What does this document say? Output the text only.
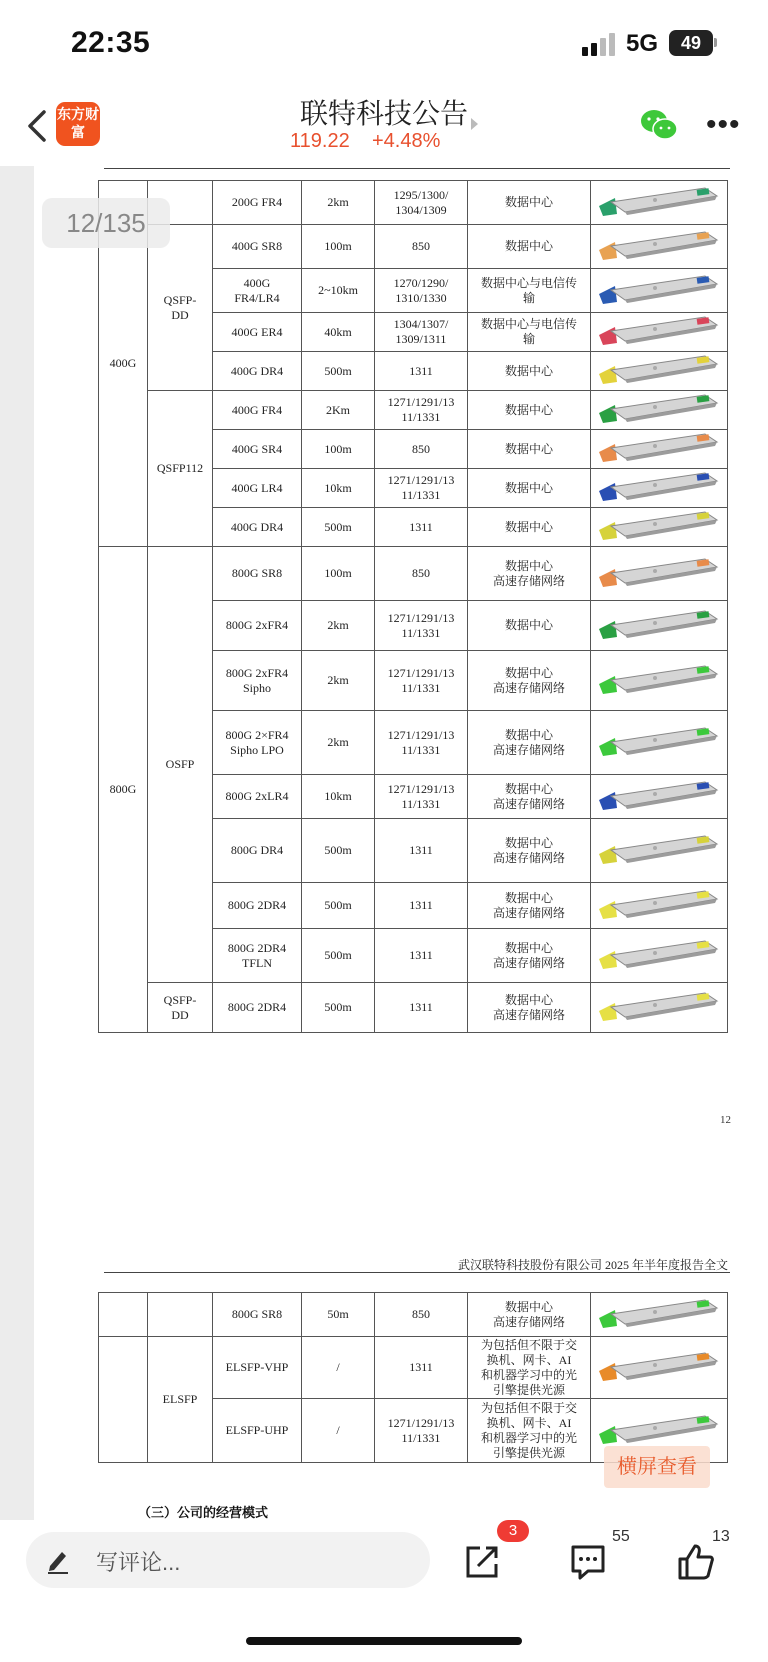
22:35	5G	49
东方财富
联特科技公告
119.22 +4.48%	•••
400G		200G FR4	2km	1295/1300/
1304/1309	数据中心	
	QSFP-
DD	400G SR8	100m	850	数据中心	
		400G
FR4/LR4	2~10km	1270/1290/
1310/1330	数据中心与电信传
输	
		400G ER4	40km	1304/1307/
1309/1311	数据中心与电信传
输	
		400G DR4	500m	1311	数据中心	
	QSFP112	400G FR4	2Km	1271/1291/13
11/1331	数据中心	
		400G SR4	100m	850	数据中心	
		400G LR4	10km	1271/1291/13
11/1331	数据中心	
		400G DR4	500m	1311	数据中心	
800G	OSFP	800G SR8	100m	850	数据中心
高速存储网络	
		800G 2xFR4	2km	1271/1291/13
11/1331	数据中心	
		800G 2xFR4
Sipho	2km	1271/1291/13
11/1331	数据中心
高速存储网络	
		800G 2×FR4
Sipho LPO	2km	1271/1291/13
11/1331	数据中心
高速存储网络	
		800G 2xLR4	10km	1271/1291/13
11/1331	数据中心
高速存储网络	
		800G DR4	500m	1311	数据中心
高速存储网络	
		800G 2DR4	500m	1311	数据中心
高速存储网络	
		800G 2DR4
TFLN	500m	1311	数据中心
高速存储网络	
	QSFP-
DD	800G 2DR4	500m	1311	数据中心
高速存储网络	
12
武汉联特科技股份有限公司 2025 年半年度报告全文
		800G SR8	50m	850	数据中心
高速存储网络	
	ELSFP	ELSFP-VHP	/	1311	为包括但不限于交
换机、网卡、AI
和机器学习中的光
引擎提供光源	
		ELSFP-UHP	/	1271/1291/13
11/1331	为包括但不限于交
换机、网卡、AI
和机器学习中的光
引擎提供光源	
（三）公司的经营模式
12/135
横屏查看
写评论...
3	55	13
